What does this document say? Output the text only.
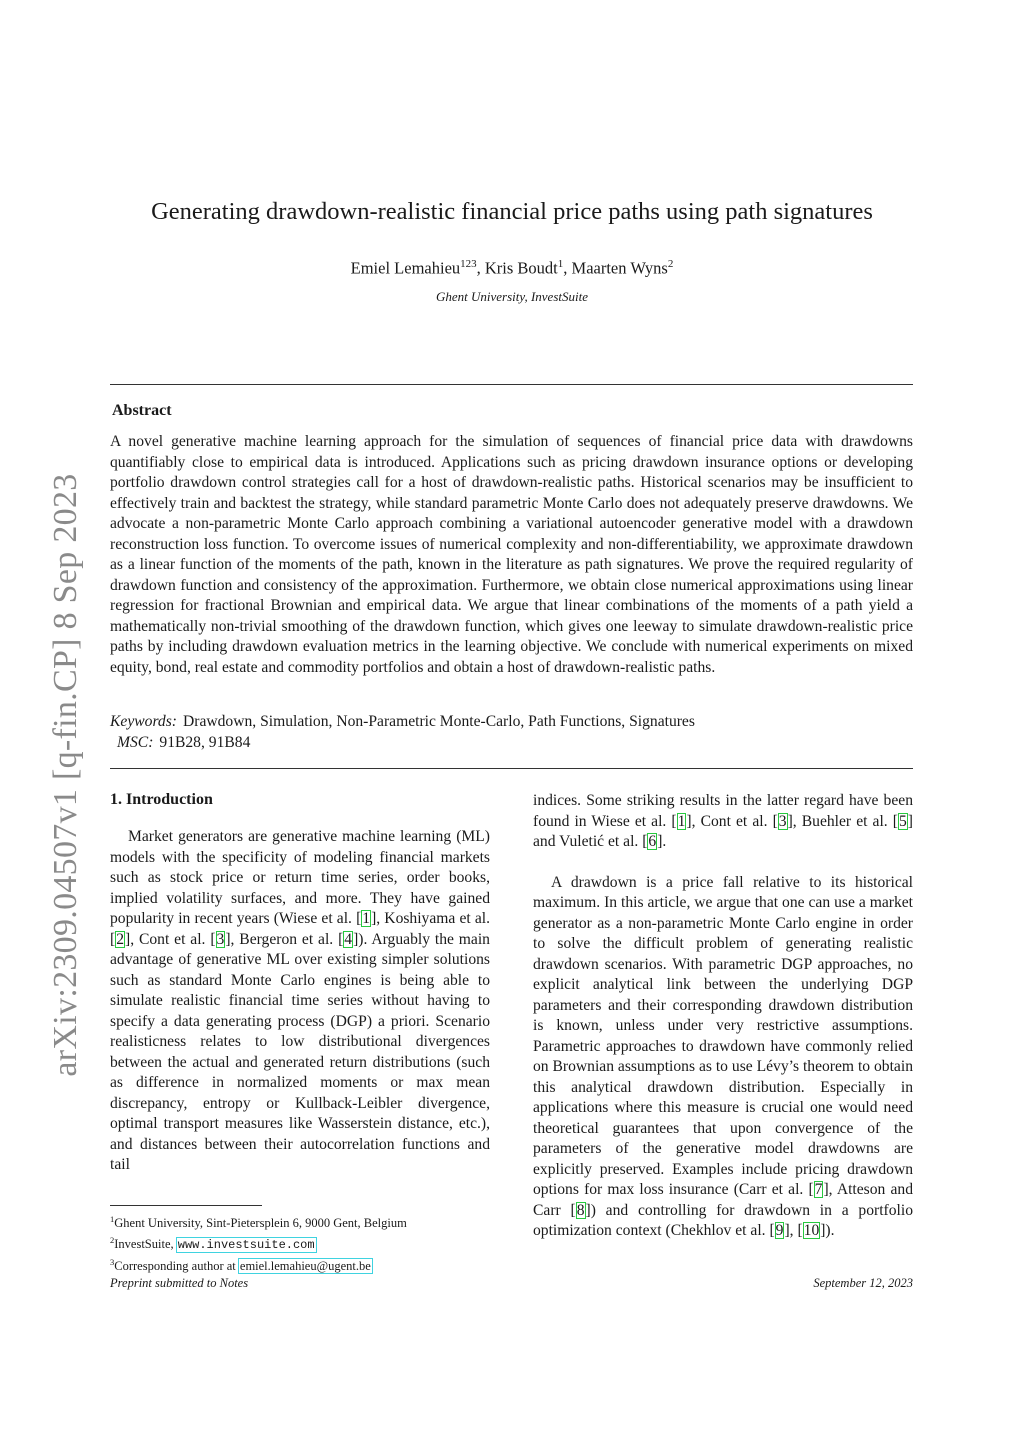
arXiv:2309.04507v1 [q-fin.CP] 8 Sep 2023
Generating drawdown-realistic financial price paths using path signatures
Emiel Lemahieu$^{123}$, Kris Boudt$^1$, Maarten Wyns$^2$
Ghent University, InvestSuite
Abstract
A novel generative machine learning approach for the simulation of sequences of financial price data with drawdowns quantifiably close to empirical data is introduced. Applications such as pricing drawdown insurance options or developing portfolio drawdown control strategies call for a host of drawdown-realistic paths. Historical scenarios may be insufficient to effectively train and backtest the strategy, while standard parametric Monte Carlo does not adequately preserve drawdowns. We advocate a non-parametric Monte Carlo approach combining a variational autoencoder generative model with a drawdown reconstruction loss function. To overcome issues of numerical complexity and non-differentiability, we approximate drawdown as a linear function of the moments of the path, known in the literature as path signatures. We prove the required regularity of drawdown function and consistency of the approximation. Furthermore, we obtain close numerical approximations using linear regression for fractional Brownian and empirical data. We argue that linear combinations of the moments of a path yield a mathematically non-trivial smoothing of the drawdown function, which gives one leeway to simulate drawdown-realistic price paths by including drawdown evaluation metrics in the learning objective. We conclude with numerical experiments on mixed equity, bond, real estate and commodity portfolios and obtain a host of drawdown-realistic paths.
Keywords: Drawdown, Simulation, Non-Parametric Monte-Carlo, Path Functions, Signatures
MSC: 91B28, 91B84
1. Introduction

Market generators are generative machine learning (ML) models with the specificity of modeling financial markets such as stock price or return time series, order books, implied volatility surfaces, and more. They have gained popularity in recent years (Wiese et al. [1], Koshiyama et al. [2], Cont et al. [3], Bergeron et al. [4]). Arguably the main advantage of generative ML over existing simpler solutions such as standard Monte Carlo engines is being able to simulate realistic financial time series without having to specify a data generating process (DGP) a priori. Scenario realisticness relates to low distributional divergences between the actual and generated return distributions (such as difference in normalized moments or max mean discrepancy, entropy or Kullback-Leibler divergence, optimal transport measures like Wasserstein distance, etc.), and distances between their autocorrelation functions and tail

indices. Some striking results in the latter regard have been found in Wiese et al. [1], Cont et al. [3], Buehler et al. [5] and Vuletić et al. [6].

A drawdown is a price fall relative to its historical maximum. In this article, we argue that one can use a market generator as a non-parametric Monte Carlo engine in order to solve the difficult problem of generating realistic drawdown scenarios. With parametric DGP approaches, no explicit analytical link between the underlying DGP parameters and their corresponding drawdown distribution is known, unless under very restrictive assumptions. Parametric approaches to drawdown have commonly relied on Brownian assumptions as to use Lévy’s theorem to obtain this analytical drawdown distribution. Especially in applications where this measure is crucial one would need theoretical guarantees that upon convergence of the parameters of the generative model drawdowns are explicitly preserved. Examples include pricing drawdown options for max loss insurance (Carr et al. [7], Atteson and Carr [8]) and controlling for drawdown in a portfolio optimization context (Chekhlov et al. [9], [10]).

$^1$Ghent University, Sint-Pietersplein 6, 9000 Gent, Belgium
$^2$InvestSuite, www.investsuite.com
$^3$Corresponding author at emiel.lemahieu@ugent.be
Preprint submitted to Notes	September 12, 2023
